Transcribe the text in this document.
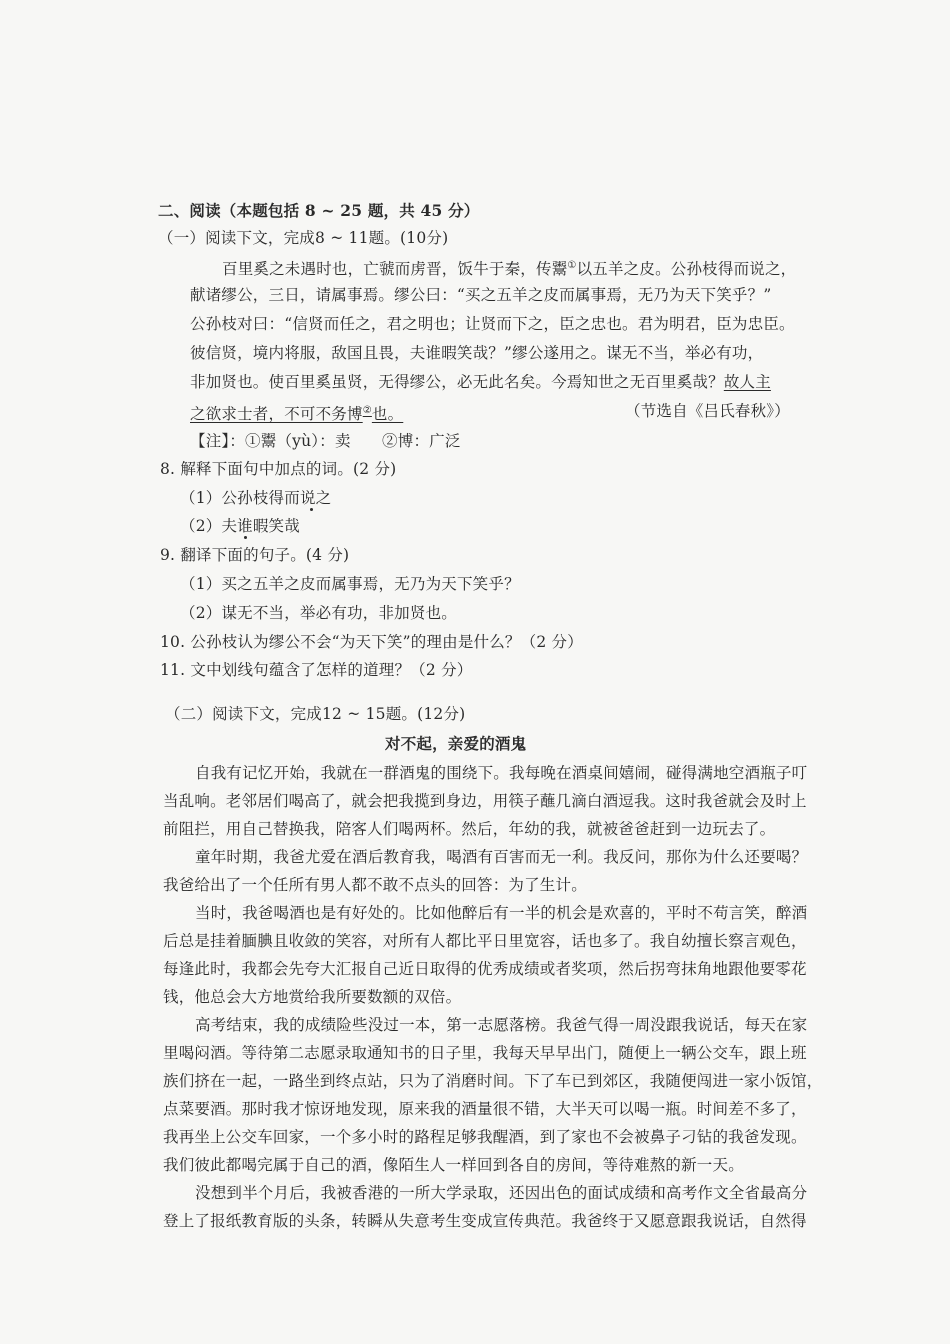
二、阅读（本题包括 8 ~ 25 题，共 45 分）
（一）阅读下文，完成8 ~ 11题。(10分)
百里奚之未遇时也，亡虢而虏晋，饭牛于秦，传鬻①以五羊之皮。公孙枝得而说之，
献诸缪公，三日，请属事焉。缪公曰：“买之五羊之皮而属事焉，无乃为天下笑乎？”
公孙枝对曰：“信贤而任之，君之明也；让贤而下之，臣之忠也。君为明君，臣为忠臣。
彼信贤，境内将服，敌国且畏，夫谁暇笑哉？”缪公遂用之。谋无不当，举必有功，
非加贤也。使百里奚虽贤，无得缪公，必无此名矣。今焉知世之无百里奚哉？故人主
之欲求士者，不可不务博②也。	（节选自《吕氏春秋》）
【注】：①鬻（yù）：卖　　②博：广泛
8. 解释下面句中加点的词。(2 分)
（1）公孙枝得而说之
（2）夫谁暇笑哉
9. 翻译下面的句子。(4 分)
（1）买之五羊之皮而属事焉，无乃为天下笑乎？
（2）谋无不当，举必有功，非加贤也。
10. 公孙枝认为缪公不会“为天下笑”的理由是什么？（2 分）
11. 文中划线句蕴含了怎样的道理？（2 分）
（二）阅读下文，完成12 ~ 15题。(12分)
对不起，亲爱的酒鬼
自我有记忆开始，我就在一群酒鬼的围绕下。我每晚在酒桌间嬉闹，碰得满地空酒瓶子叮
当乱响。老邻居们喝高了，就会把我揽到身边，用筷子蘸几滴白酒逗我。这时我爸就会及时上
前阻拦，用自己替换我，陪客人们喝两杯。然后，年幼的我，就被爸爸赶到一边玩去了。
童年时期，我爸尤爱在酒后教育我，喝酒有百害而无一利。我反问，那你为什么还要喝？
我爸给出了一个任所有男人都不敢不点头的回答：为了生计。
当时，我爸喝酒也是有好处的。比如他醉后有一半的机会是欢喜的，平时不苟言笑，醉酒
后总是挂着腼腆且收敛的笑容，对所有人都比平日里宽容，话也多了。我自幼擅长察言观色，
每逢此时，我都会先夸大汇报自己近日取得的优秀成绩或者奖项，然后拐弯抹角地跟他要零花
钱，他总会大方地赏给我所要数额的双倍。
高考结束，我的成绩险些没过一本，第一志愿落榜。我爸气得一周没跟我说话，每天在家
里喝闷酒。等待第二志愿录取通知书的日子里，我每天早早出门，随便上一辆公交车，跟上班
族们挤在一起，一路坐到终点站，只为了消磨时间。下了车已到郊区，我随便闯进一家小饭馆，
点菜要酒。那时我才惊讶地发现，原来我的酒量很不错，大半天可以喝一瓶。时间差不多了，
我再坐上公交车回家，一个多小时的路程足够我醒酒，到了家也不会被鼻子刁钻的我爸发现。
我们彼此都喝完属于自己的酒，像陌生人一样回到各自的房间，等待难熬的新一天。
没想到半个月后，我被香港的一所大学录取，还因出色的面试成绩和高考作文全省最高分
登上了报纸教育版的头条，转瞬从失意考生变成宣传典范。我爸终于又愿意跟我说话，自然得
